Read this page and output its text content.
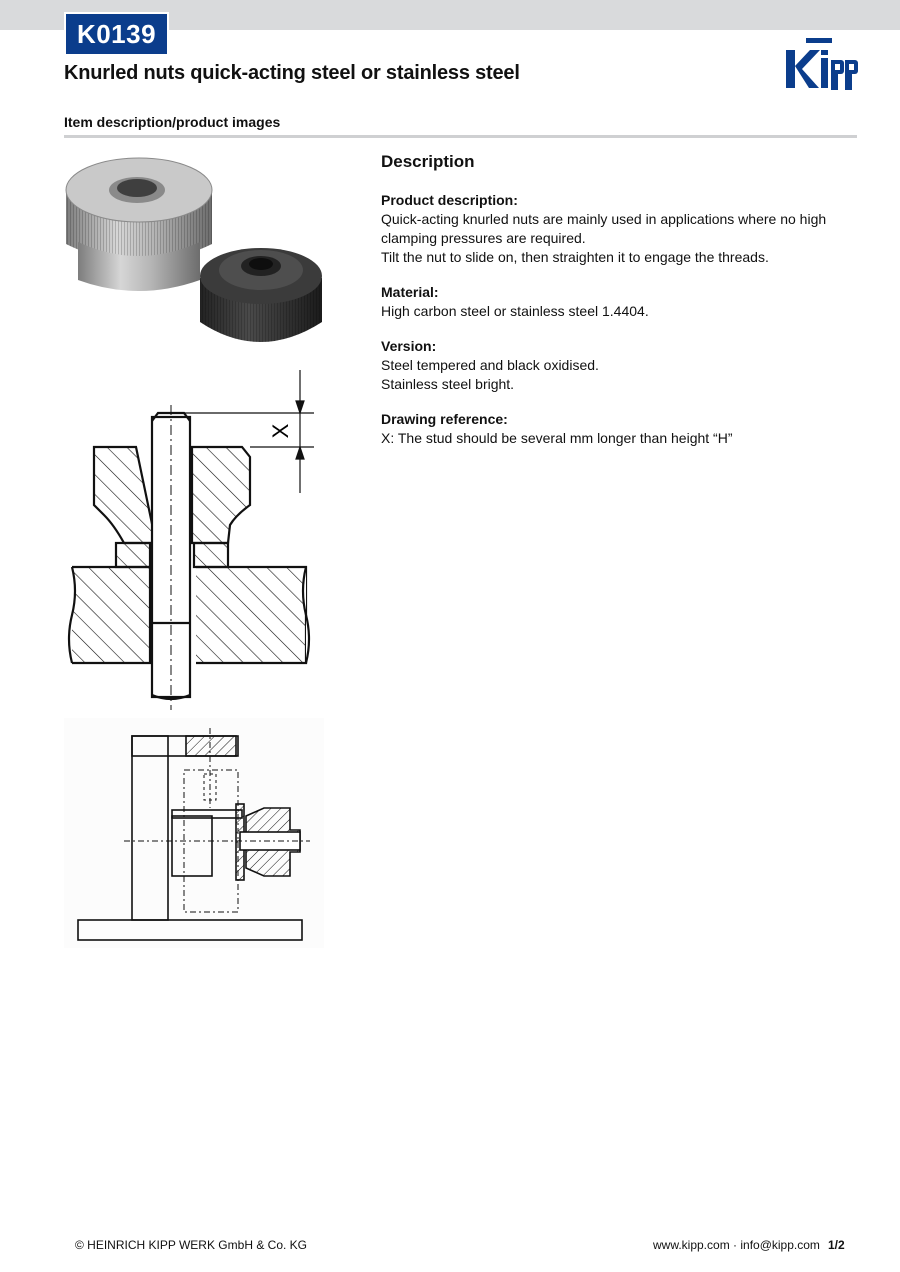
K0139
Knurled nuts quick-acting steel or stainless steel
Item description/product images
X
Description
Product description:

Quick-acting knurled nuts are mainly used in applications where no high clamping pressures are required.

Tilt the nut to slide on, then straighten it to engage the threads.

Material:

High carbon steel or stainless steel 1.4404.

Version:

Steel tempered and black oxidised.

Stainless steel bright.

Drawing reference:

X: The stud should be several mm longer than height “H”

© HEINRICH KIPP WERK GmbH & Co. KG	www.kipp.com · info@kipp.com 1/2
